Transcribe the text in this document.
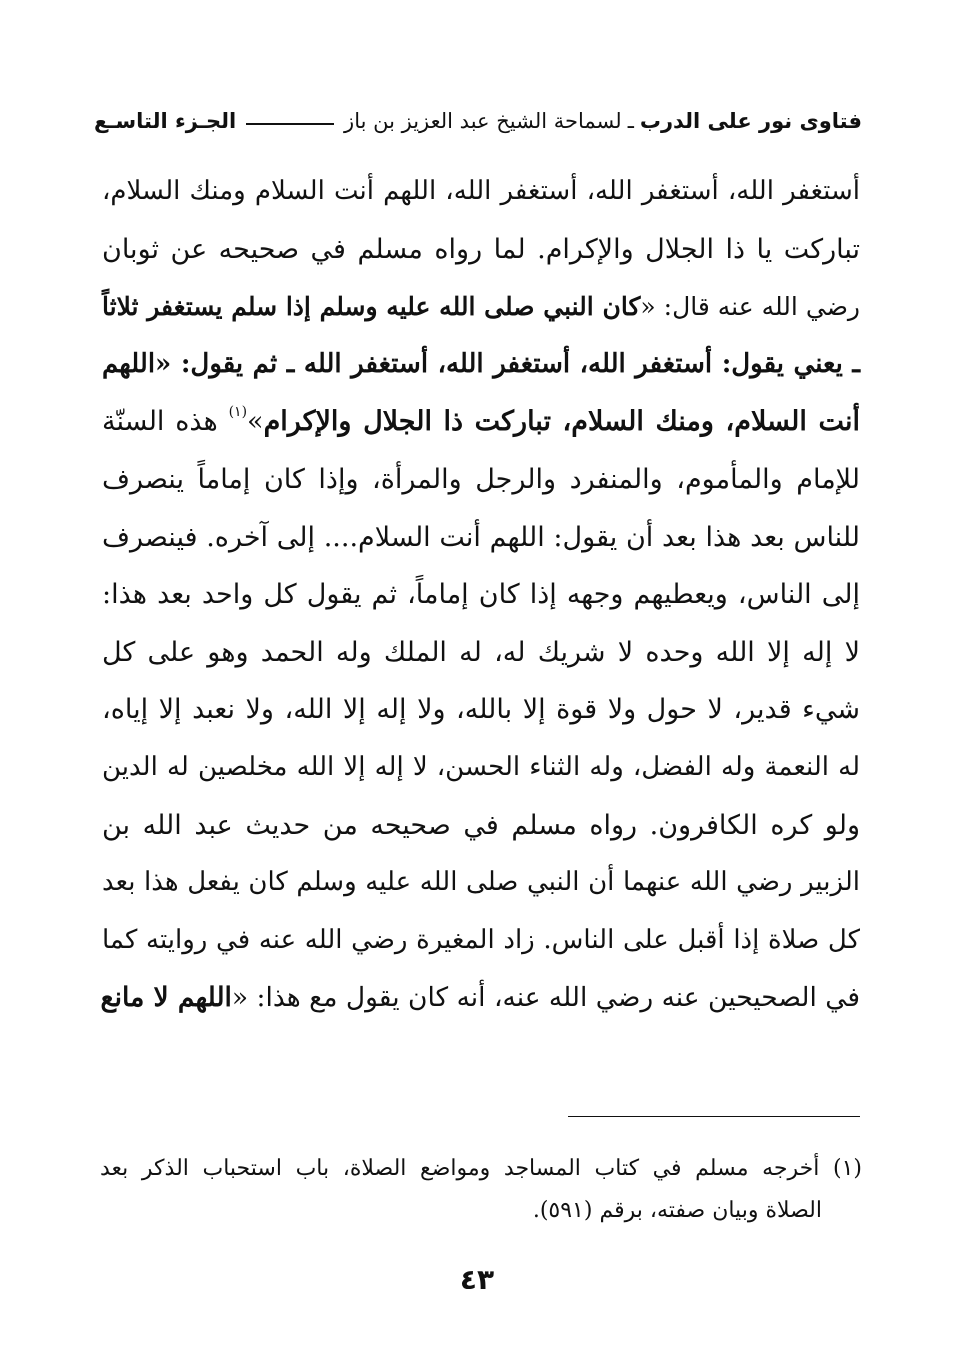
فتاوى نور على الدرب
ـ
لسماحة الشيخ عبد العزيز بن باز
الجـزء التاسـع
أستغفر الله، أستغفر الله، أستغفر الله، اللهم أنت السلام ومنك السلام،
تباركت يا ذا الجلال والإكرام. لما رواه مسلم في صحيحه عن ثوبان
رضي الله عنه قال: «كان النبي صلى الله عليه وسلم إذا سلم يستغفر ثلاثاً
ـ يعني يقول: أستغفر الله، أستغفر الله، أستغفر الله ـ ثم يقول: «اللهم
أنت السلام، ومنك السلام، تباركت ذا الجلال والإكرام»$^{(١)}$ هذه السنّة
للإمام والمأموم، والمنفرد والرجل والمرأة، وإذا كان إماماً ينصرف
للناس بعد هذا بعد أن يقول: اللهم أنت السلام.... إلى آخره. فينصرف
إلى الناس، ويعطيهم وجهه إذا كان إماماً، ثم يقول كل واحد بعد هذا:
لا إله إلا الله وحده لا شريك له، له الملك وله الحمد وهو على كل
شيء قدير، لا حول ولا قوة إلا بالله، ولا إله إلا الله، ولا نعبد إلا إياه،
له النعمة وله الفضل، وله الثناء الحسن، لا إله إلا الله مخلصين له الدين
ولو كره الكافرون. رواه مسلم في صحيحه من حديث عبد الله بن
الزبير رضي الله عنهما أن النبي صلى الله عليه وسلم كان يفعل هذا بعد
كل صلاة إذا أقبل على الناس. زاد المغيرة رضي الله عنه في روايته كما
في الصحيحين عنه رضي الله عنه، أنه كان يقول مع هذا: «اللهم لا مانع
(١) أخرجه مسلم في كتاب المساجد ومواضع الصلاة، باب استحباب الذكر بعد
الصلاة وبيان صفته، برقم (٥٩١).
٤٣
